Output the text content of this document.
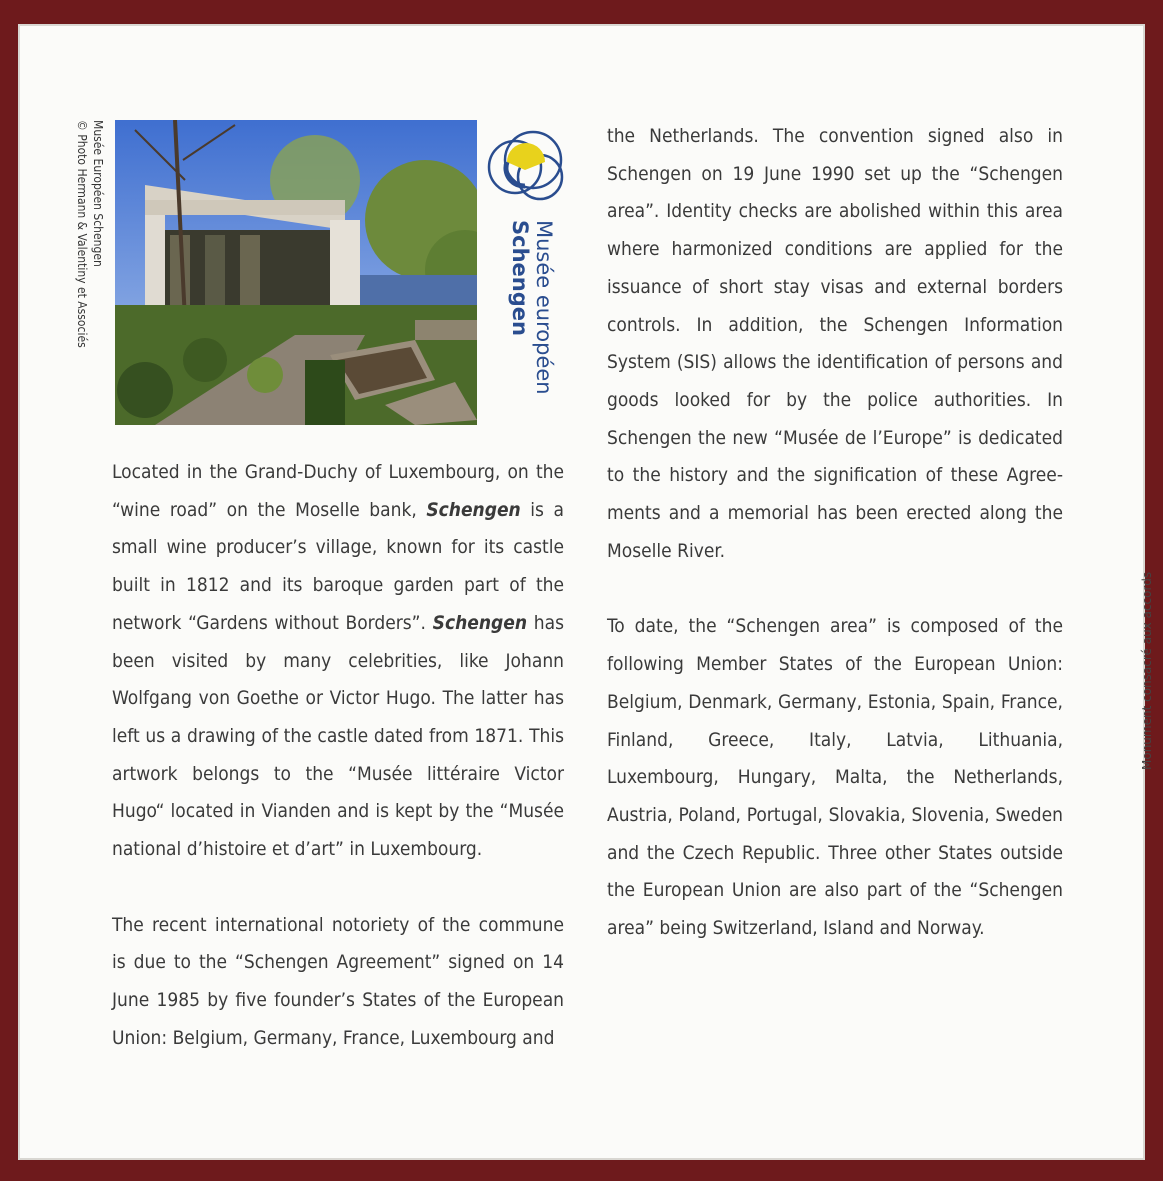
Musée Européen Schengen
© Photo Hermann & Valentiny et Associés	Musée européen
Schengen

Located in the Grand-Duchy of Luxembourg, on the “wine road” on the Moselle bank, Schengen is a small wine producer’s village, known for its castle built in 1812 and its baroque garden part of the network “Gardens without Borders”. Schengen has been visited by many celebrities, like Johann Wolfgang von Goethe or Victor Hugo. The latter has left us a drawing of the castle dated from 1871. This artwork belongs to the “Musée littéraire Victor Hugo“ located in Vianden and is kept by the “Musée national d’histoire et d’art” in Luxembourg.

The recent international notoriety of the commune is due to the “Schengen Agreement” signed on 14 June 1985 by five founder’s States of the European Union: Belgium, Germany, France, Luxembourg and

the Netherlands. The convention signed also in Schengen on 19 June 1990 set up the “Schengen area”. Identity checks are abolished within this area where harmonized conditions are applied for the issuance of short stay visas and external borders controls. In addition, the Schengen Information System (SIS) allows the identification of persons and goods looked for by the police authorities. In Schengen the new “Musée de l’Europe” is dedicated to the history and the signification of these Agreements and a memorial has been erected along the Moselle River.

To date, the “Schengen area” is composed of the following Member States of the European Union: Belgium, Denmark, Germany, Estonia, Spain, France, Finland, Greece, Italy, Latvia, Lithuania, Luxembourg, Hungary, Malta, the Netherlands, Austria, Poland, Portugal, Slovakia, Slovenia, Sweden and the Czech Republic. Three other States outside the European Union are also part of the “Schengen area” being Switzerland, Island and Norway.

Monument consacré aux accords
